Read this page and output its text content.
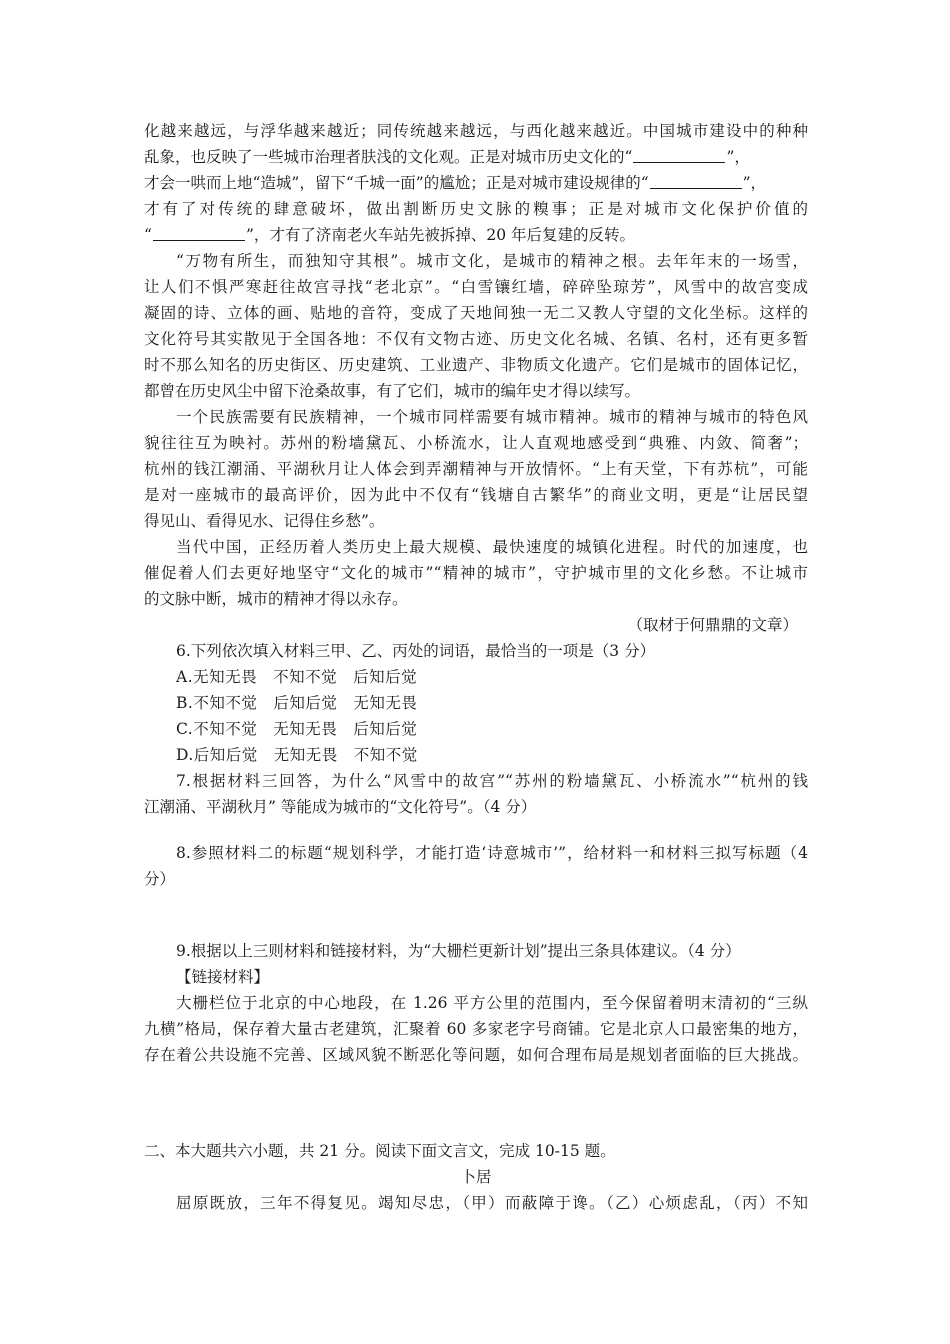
化越来越远，与浮华越来越近；同传统越来越远，与西化越来越近。中国城市建设中的种种
乱象，也反映了一些城市治理者肤浅的文化观。正是对城市历史文化的“	”，
才会一哄而上地“造城”，留下“千城一面”的尴尬；正是对城市建设规律的“	”，
才有了对传统的肆意破坏，做出割断历史文脉的糗事；正是对城市文化保护价值的
“	”，才有了济南老火车站先被拆掉、20 年后复建的反转。
“万物有所生，而独知守其根”。城市文化，是城市的精神之根。去年年末的一场雪，
让人们不惧严寒赶往故宫寻找“老北京”。“白雪镶红墙，碎碎坠琼芳”，风雪中的故宫变成
凝固的诗、立体的画、贴地的音符，变成了天地间独一无二又教人守望的文化坐标。这样的
文化符号其实散见于全国各地：不仅有文物古迹、历史文化名城、名镇、名村，还有更多暂
时不那么知名的历史街区、历史建筑、工业遗产、非物质文化遗产。它们是城市的固体记忆，
都曾在历史风尘中留下沧桑故事，有了它们，城市的编年史才得以续写。
一个民族需要有民族精神，一个城市同样需要有城市精神。城市的精神与城市的特色风
貌往往互为映衬。苏州的粉墙黛瓦、小桥流水，让人直观地感受到“典雅、内敛、简奢”；
杭州的钱江潮涌、平湖秋月让人体会到弄潮精神与开放情怀。“上有天堂，下有苏杭”，可能
是对一座城市的最高评价，因为此中不仅有“钱塘自古繁华”的商业文明，更是“让居民望
得见山、看得见水、记得住乡愁”。
当代中国，正经历着人类历史上最大规模、最快速度的城镇化进程。时代的加速度，也
催促着人们去更好地坚守“文化的城市”“精神的城市”，守护城市里的文化乡愁。不让城市
的文脉中断，城市的精神才得以永存。
（取材于何鼎鼎的文章）
6.下列依次填入材料三甲、乙、丙处的词语，最恰当的一项是（3 分）
A.无知无畏　不知不觉　后知后觉
B.不知不觉　后知后觉　无知无畏
C.不知不觉　无知无畏　后知后觉
D.后知后觉　无知无畏　不知不觉
7.根据材料三回答，为什么“风雪中的故宫”“苏州的粉墙黛瓦、小桥流水”“杭州的钱
江潮涌、平湖秋月” 等能成为城市的“文化符号”。（4 分）
8.参照材料二的标题“规划科学，才能打造‘诗意城市’”，给材料一和材料三拟写标题（4
分）
9.根据以上三则材料和链接材料，为“大栅栏更新计划”提出三条具体建议。（4 分）
【链接材料】
大栅栏位于北京的中心地段，在 1.26 平方公里的范围内，至今保留着明末清初的“三纵
九横”格局，保存着大量古老建筑，汇聚着 60 多家老字号商铺。它是北京人口最密集的地方，
存在着公共设施不完善、区域风貌不断恶化等问题，如何合理布局是规划者面临的巨大挑战。
二、本大题共六小题，共 21 分。阅读下面文言文，完成 10-15 题。
卜居
屈原既放，三年不得复见。竭知尽忠，（甲）而蔽障于谗。（乙）心烦虑乱，（丙）不知
